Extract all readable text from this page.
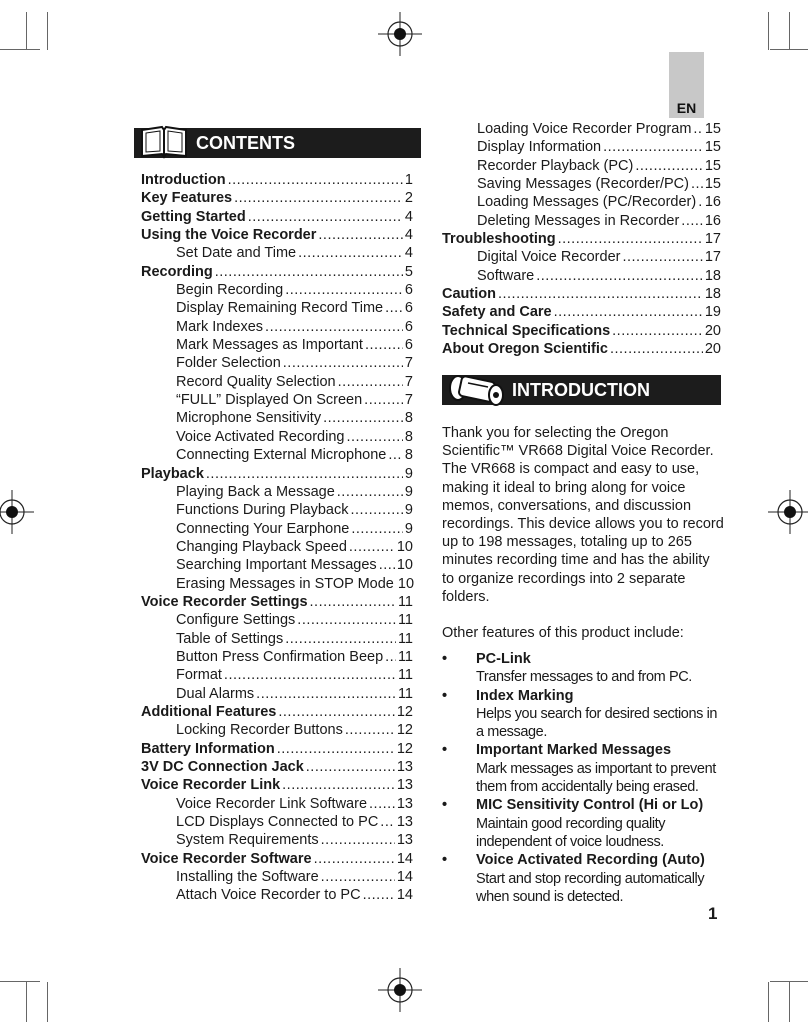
EN
CONTENTS
Introduction .....	1
Key Features .....	2
Getting Started .....	4
Using the Voice Recorder .....	4
Set Date and Time .....	4
Recording .....	5
Begin Recording .....	6
Display Remaining Record Time ..... 6
Mark Indexes .....	6
Mark Messages as Important .....	6
Folder Selection .....	7
Record Quality Selection .....	7
“FULL” Displayed On Screen .....	7
Microphone Sensitivity .....	8
Voice Activated Recording .....	8
Connecting External Microphone ..... 8
Playback .....	9
Playing Back a Message .....	9
Functions During Playback .....	9
Connecting Your Earphone .....	9
Changing Playback Speed .....	10
Searching Important Messages ..... 10
Erasing Messages in STOP Mode 10
Voice Recorder Settings .....	11
Configure Settings .....	11
Table of Settings .....	11
Button Press Confirmation Beep ..... 11
Format .....	11
Dual Alarms .....	11
Additional Features .....	12
Locking Recorder Buttons .....	12
Battery Information .....	12
3V DC Connection Jack .....	13
Voice Recorder Link .....	13
Voice Recorder Link Software ..... 13
LCD Displays Connected to PC ..... 13
System Requirements .....	13
Voice Recorder Software .....	14
Installing the Software .....	14
Attach Voice Recorder to PC .....	14
Loading Voice Recorder Program ..... 15
Display Information .....	15
Recorder Playback (PC) .....	15
Saving Messages (Recorder/PC) ..... 15
Loading Messages (PC/Recorder) ..... 16
Deleting Messages in Recorder ..... 16
Troubleshooting .....	17
Digital Voice Recorder .....	17
Software .....	18
Caution .....	18
Safety and Care .....	19
Technical Specifications .....	20
About Oregon Scientific .....	20
INTRODUCTION

Thank you for selecting the Oregon Scientific™ VR668 Digital Voice Recorder. The VR668 is compact and easy to use, making it ideal to bring along for voice memos, conversations, and discussion recordings. This device allows you to record up to 198 messages, totaling up to 265 minutes recording time and has the ability to organize recordings into 2 separate folders.

Other features of this product include:

• PC-Link
Transfer messages to and from PC.
• Index Marking
Helps you search for desired sections in a message.
• Important Marked Messages
Mark messages as important to prevent them from accidentally being erased.
• MIC Sensitivity Control (Hi or Lo)
Maintain good recording quality independent of voice loudness.
• Voice Activated Recording (Auto)
Start and stop recording automatically when sound is detected.
1
